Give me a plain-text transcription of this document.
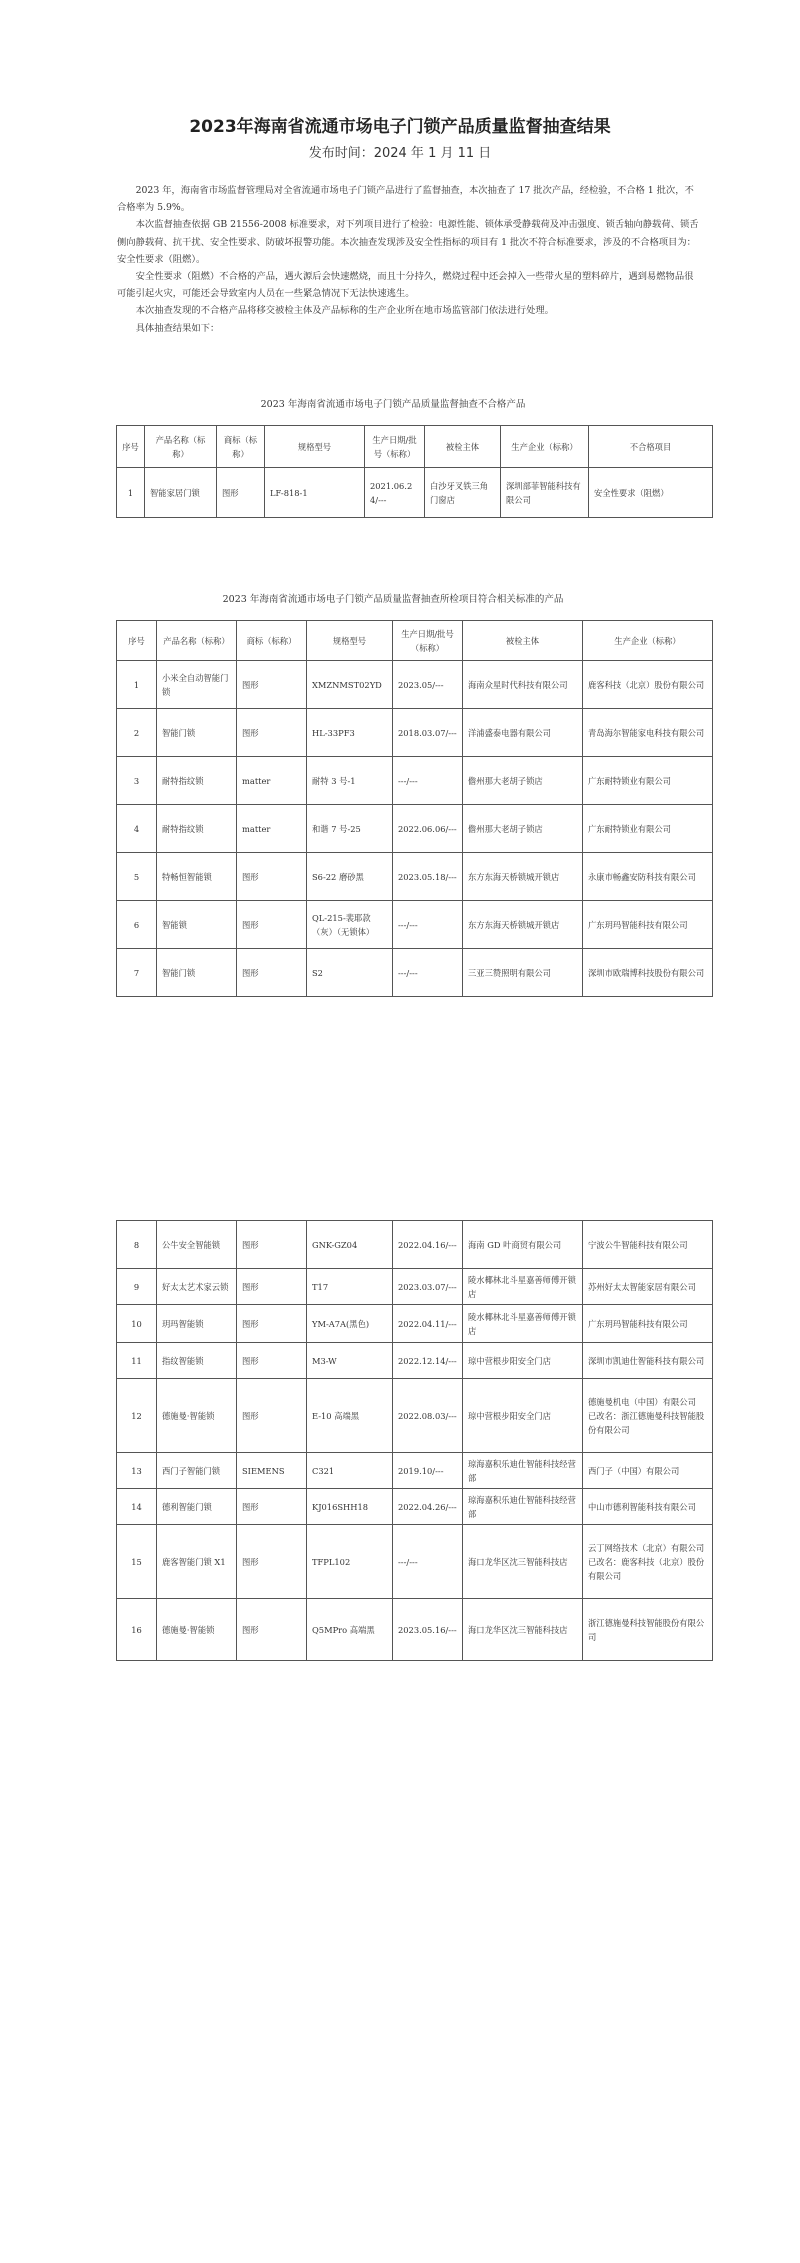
2023年海南省流通市场电子门锁产品质量监督抽查结果
发布时间：2024 年 1 月 11 日

2023 年，海南省市场监督管理局对全省流通市场电子门锁产品进行了监督抽查，本次抽查了 17 批次产品，经检验，不合格 1 批次，不合格率为 5.9%。

本次监督抽查依据 GB 21556-2008 标准要求，对下列项目进行了检验：电源性能、锁体承受静载荷及冲击强度、锁舌轴向静载荷、锁舌侧向静载荷、抗干扰、安全性要求、防破坏报警功能。本次抽查发现涉及安全性指标的项目有 1 批次不符合标准要求，涉及的不合格项目为：安全性要求（阻燃）。

安全性要求（阻燃）不合格的产品，遇火源后会快速燃烧，而且十分持久，燃烧过程中还会掉入一些带火星的塑料碎片，遇到易燃物品很可能引起火灾，可能还会导致室内人员在一些紧急情况下无法快速逃生。

本次抽查发现的不合格产品将移交被检主体及产品标称的生产企业所在地市场监管部门依法进行处理。

具体抽查结果如下：

2023 年海南省流通市场电子门锁产品质量监督抽查不合格产品
序号	产品名称（标称）	商标（标称）	规格型号	生产日期/批号（标称）	被检主体	生产企业（标称）	不合格项目
1	智能家居门锁	图形	LF-818-1	2021.06.24/---	白沙牙叉铁三角门窗店	深圳部菲智能科技有限公司	安全性要求（阻燃）
2023 年海南省流通市场电子门锁产品质量监督抽查所检项目符合相关标准的产品
序号	产品名称（标称）	商标（标称）	规格型号	生产日期/批号（标称）	被检主体	生产企业（标称）
1	小米全自动智能门锁	图形	XMZNMST02YD	2023.05/---	海南众星时代科技有限公司	鹿客科技（北京）股份有限公司
2	智能门锁	图形	HL-33PF3	2018.03.07/---	洋浦盛泰电器有限公司	青岛海尔智能家电科技有限公司
3	耐特指纹锁	matter	耐特 3 号-1	---/---	儋州那大老胡子锁店	广东耐特锁业有限公司
4	耐特指纹锁	matter	和谐 7 号-25	2022.06.06/---	儋州那大老胡子锁店	广东耐特锁业有限公司
5	特畅恒智能锁	图形	S6-22 磨砂黑	2023.05.18/---	东方东海天桥锁城开锁店	永康市畅鑫安防科技有限公司
6	智能锁	图形	QL-215-裴耶款（灰）（无锁体）	---/---	东方东海天桥锁城开锁店	广东玥玛智能科技有限公司
7	智能门锁	图形	S2	---/---	三亚三赞照明有限公司	深圳市欧瑞博科技股份有限公司
8	公牛安全智能锁	图形	GNK-GZ04	2022.04.16/---	海南 GD 叶商贸有限公司	宁波公牛智能科技有限公司
9	好太太艺术家云锁	图形	T17	2023.03.07/---	陵水椰林北斗星嘉善师傅开锁店	苏州好太太智能家居有限公司
10	玥玛智能锁	图形	YM-A7A(黑色)	2022.04.11/---	陵水椰林北斗星嘉善师傅开锁店	广东玥玛智能科技有限公司
11	指纹智能锁	图形	M3-W	2022.12.14/---	琼中营根步阳安全门店	深圳市凯迪仕智能科技有限公司
12	德施曼·智能锁	图形	E-10 高端黑	2022.08.03/---	琼中营根步阳安全门店	德施曼机电（中国）有限公司
已改名：浙江德施曼科技智能股份有限公司
13	西门子智能门锁	SIEMENS	C321	2019.10/---	琼海嘉积乐迪仕智能科技经营部	西门子（中国）有限公司
14	德利智能门锁	图形	KJ016SHH18	2022.04.26/---	琼海嘉积乐迪仕智能科技经营部	中山市德利智能科技有限公司
15	鹿客智能门锁 X1	图形	TFPL102	---/---	海口龙华区沈三智能科技店	云丁网络技术（北京）有限公司
已改名：鹿客科技（北京）股份有限公司
16	德施曼·智能锁	图形	Q5MPro 高端黑	2023.05.16/---	海口龙华区沈三智能科技店	浙江德施曼科技智能股份有限公司
